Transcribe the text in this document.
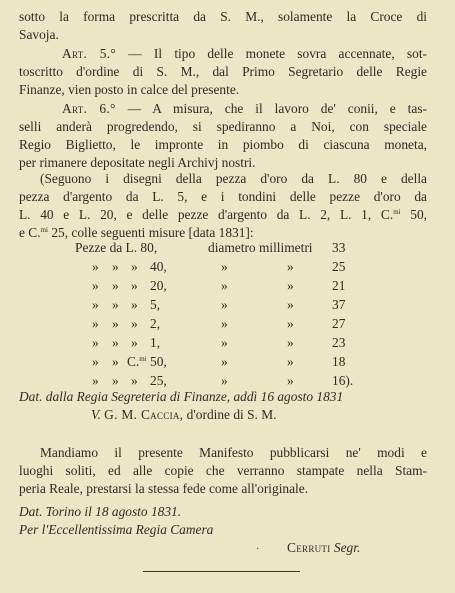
sotto la forma prescritta da S. M., solamente la Croce di
Savoja.
Art. 5.° — Il tipo delle monete sovra accennate, sot-
toscritto d'ordine di S. M., dal Primo Segretario delle Regie
Finanze, vien posto in calce del presente.
Art. 6.° — A misura, che il lavoro de' conii, e tas-
selli anderà progredendo, si spediranno a Noi, con speciale
Regio Biglietto, le impronte in piombo di ciascuna moneta,
per rimanere depositate negli Archivj nostri.
(Seguono i disegni della pezza d'oro da L. 80 e della
pezza d'argento da L. 5, e i tondini delle pezze d'oro da
L. 40 e L. 20, e delle pezze d'argento da L. 2, L. 1, C.$^{mi}$ 50,
e C.$^{mi}$ 25, colle seguenti misure [data 1831]:
Pezze da L. 80,	diametro millimetri 33
» » » 40,	»	»	25
» » » 20,	»	»	21
» » » 5,	»	»	37
» » » 2,	»	»	27
» » » 1,	»	»	23
» » C.$^{mi}$ 50,	»	»	18
» » » 25,	»	»	16).
Dat. dalla Regia Segreteria di Finanze, addì 16 agosto 1831
V. G. M. Caccia, d'ordine di S. M.
Mandiamo il presente Manifesto pubblicarsi ne' modi e
luoghi soliti, ed alle copie che verranno stampate nella Stam-
peria Reale, prestarsi la stessa fede come all'originale.
Dat. Torino il 18 agosto 1831.
Per l'Eccellentissima Regia Camera
Cerruti Segr.
·
